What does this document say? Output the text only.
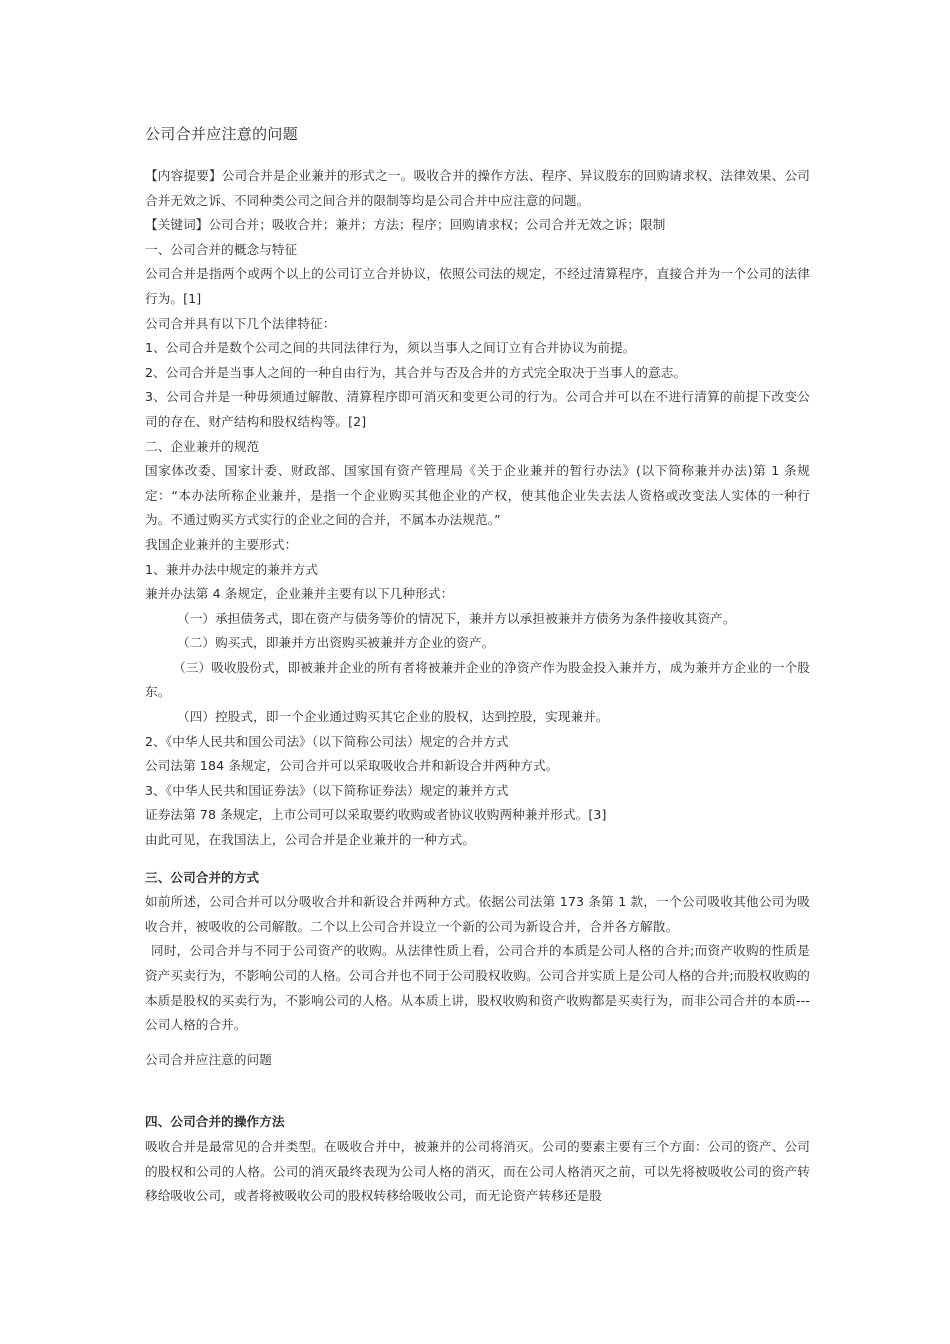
公司合并应注意的问题

【内容提要】公司合并是企业兼并的形式之一。吸收合并的操作方法、程序、异议股东的回购请求权、法律效果、公司合并无效之诉、不同种类公司之间合并的限制等均是公司合并中应注意的问题。

【关键词】公司合并；吸收合并；兼并；方法；程序；回购请求权；公司合并无效之诉；限制

一、公司合并的概念与特征

公司合并是指两个或两个以上的公司订立合并协议，依照公司法的规定，不经过清算程序，直接合并为一个公司的法律行为。[1]

公司合并具有以下几个法律特征：

1、公司合并是数个公司之间的共同法律行为，须以当事人之间订立有合并协议为前提。

2、公司合并是当事人之间的一种自由行为，其合并与否及合并的方式完全取决于当事人的意志。

3、公司合并是一种毋须通过解散、清算程序即可消灭和变更公司的行为。公司合并可以在不进行清算的前提下改变公司的存在、财产结构和股权结构等。[2]

二、企业兼并的规范

国家体改委、国家计委、财政部、国家国有资产管理局《关于企业兼并的暂行办法》(以下简称兼并办法)第 1 条规定：“本办法所称企业兼并，是指一个企业购买其他企业的产权，使其他企业失去法人资格或改变法人实体的一种行为。不通过购买方式实行的企业之间的合并，不属本办法规范。”

我国企业兼并的主要形式：

1、兼并办法中规定的兼并方式

兼并办法第 4 条规定，企业兼并主要有以下几种形式：

（一）承担债务式，即在资产与债务等价的情况下，兼并方以承担被兼并方债务为条件接收其资产。

（二）购买式，即兼并方出资购买被兼并方企业的资产。

（三）吸收股份式，即被兼并企业的所有者将被兼并企业的净资产作为股金投入兼并方，成为兼并方企业的一个股东。

（四）控股式，即一个企业通过购买其它企业的股权，达到控股，实现兼并。

2、《中华人民共和国公司法》（以下简称公司法）规定的合并方式

公司法第 184 条规定，公司合并可以采取吸收合并和新设合并两种方式。

3、《中华人民共和国证券法》（以下简称证券法）规定的兼并方式

证券法第 78 条规定，上市公司可以采取要约收购或者协议收购两种兼并形式。[3]

由此可见，在我国法上，公司合并是企业兼并的一种方式。

三、公司合并的方式

如前所述，公司合并可以分吸收合并和新设合并两种方式。依据公司法第 173 条第 1 款，一个公司吸收其他公司为吸收合并，被吸收的公司解散。二个以上公司合并设立一个新的公司为新设合并，合并各方解散。

同时，公司合并与不同于公司资产的收购。从法律性质上看，公司合并的本质是公司人格的合并;而资产收购的性质是资产买卖行为，不影响公司的人格。公司合并也不同于公司股权收购。公司合并实质上是公司人格的合并;而股权收购的本质是股权的买卖行为，不影响公司的人格。从本质上讲，股权收购和资产收购都是买卖行为，而非公司合并的本质---公司人格的合并。

公司合并应注意的问题

四、公司合并的操作方法

吸收合并是最常见的合并类型。在吸收合并中，被兼并的公司将消灭。公司的要素主要有三个方面：公司的资产、公司的股权和公司的人格。公司的消灭最终表现为公司人格的消灭，而在公司人格消灭之前，可以先将被吸收公司的资产转移给吸收公司，或者将被吸收公司的股权转移给吸收公司，而无论资产转移还是股
